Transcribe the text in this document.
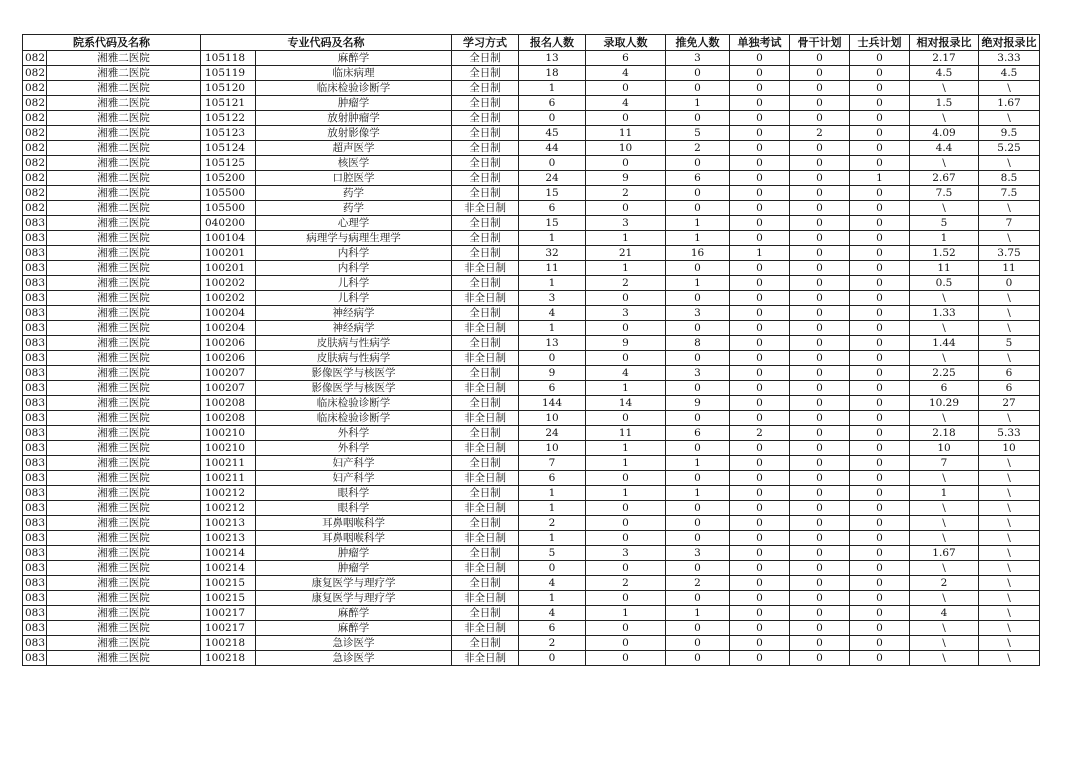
院系代码及名称		专业代码及名称		学习方式	报名人数	录取人数	推免人数	单独考试	骨干计划	士兵计划	相对报录比	绝对报录比
082	湘雅二医院	105118	麻醉学	全日制	13	6	3	0	0	0	2.17	3.33
082	湘雅二医院	105119	临床病理	全日制	18	4	0	0	0	0	4.5	4.5
082	湘雅二医院	105120	临床检验诊断学	全日制	1	0	0	0	0	0	\	\
082	湘雅二医院	105121	肿瘤学	全日制	6	4	1	0	0	0	1.5	1.67
082	湘雅二医院	105122	放射肿瘤学	全日制	0	0	0	0	0	0	\	\
082	湘雅二医院	105123	放射影像学	全日制	45	11	5	0	2	0	4.09	9.5
082	湘雅二医院	105124	超声医学	全日制	44	10	2	0	0	0	4.4	5.25
082	湘雅二医院	105125	核医学	全日制	0	0	0	0	0	0	\	\
082	湘雅二医院	105200	口腔医学	全日制	24	9	6	0	0	1	2.67	8.5
082	湘雅二医院	105500	药学	全日制	15	2	0	0	0	0	7.5	7.5
082	湘雅二医院	105500	药学	非全日制	6	0	0	0	0	0	\	\
083	湘雅三医院	040200	心理学	全日制	15	3	1	0	0	0	5	7
083	湘雅三医院	100104	病理学与病理生理学	全日制	1	1	1	0	0	0	1	\
083	湘雅三医院	100201	内科学	全日制	32	21	16	1	0	0	1.52	3.75
083	湘雅三医院	100201	内科学	非全日制	11	1	0	0	0	0	11	11
083	湘雅三医院	100202	儿科学	全日制	1	2	1	0	0	0	0.5	0
083	湘雅三医院	100202	儿科学	非全日制	3	0	0	0	0	0	\	\
083	湘雅三医院	100204	神经病学	全日制	4	3	3	0	0	0	1.33	\
083	湘雅三医院	100204	神经病学	非全日制	1	0	0	0	0	0	\	\
083	湘雅三医院	100206	皮肤病与性病学	全日制	13	9	8	0	0	0	1.44	5
083	湘雅三医院	100206	皮肤病与性病学	非全日制	0	0	0	0	0	0	\	\
083	湘雅三医院	100207	影像医学与核医学	全日制	9	4	3	0	0	0	2.25	6
083	湘雅三医院	100207	影像医学与核医学	非全日制	6	1	0	0	0	0	6	6
083	湘雅三医院	100208	临床检验诊断学	全日制	144	14	9	0	0	0	10.29	27
083	湘雅三医院	100208	临床检验诊断学	非全日制	10	0	0	0	0	0	\	\
083	湘雅三医院	100210	外科学	全日制	24	11	6	2	0	0	2.18	5.33
083	湘雅三医院	100210	外科学	非全日制	10	1	0	0	0	0	10	10
083	湘雅三医院	100211	妇产科学	全日制	7	1	1	0	0	0	7	\
083	湘雅三医院	100211	妇产科学	非全日制	6	0	0	0	0	0	\	\
083	湘雅三医院	100212	眼科学	全日制	1	1	1	0	0	0	1	\
083	湘雅三医院	100212	眼科学	非全日制	1	0	0	0	0	0	\	\
083	湘雅三医院	100213	耳鼻咽喉科学	全日制	2	0	0	0	0	0	\	\
083	湘雅三医院	100213	耳鼻咽喉科学	非全日制	1	0	0	0	0	0	\	\
083	湘雅三医院	100214	肿瘤学	全日制	5	3	3	0	0	0	1.67	\
083	湘雅三医院	100214	肿瘤学	非全日制	0	0	0	0	0	0	\	\
083	湘雅三医院	100215	康复医学与理疗学	全日制	4	2	2	0	0	0	2	\
083	湘雅三医院	100215	康复医学与理疗学	非全日制	1	0	0	0	0	0	\	\
083	湘雅三医院	100217	麻醉学	全日制	4	1	1	0	0	0	4	\
083	湘雅三医院	100217	麻醉学	非全日制	6	0	0	0	0	0	\	\
083	湘雅三医院	100218	急诊医学	全日制	2	0	0	0	0	0	\	\
083	湘雅三医院	100218	急诊医学	非全日制	0	0	0	0	0	0	\	\
